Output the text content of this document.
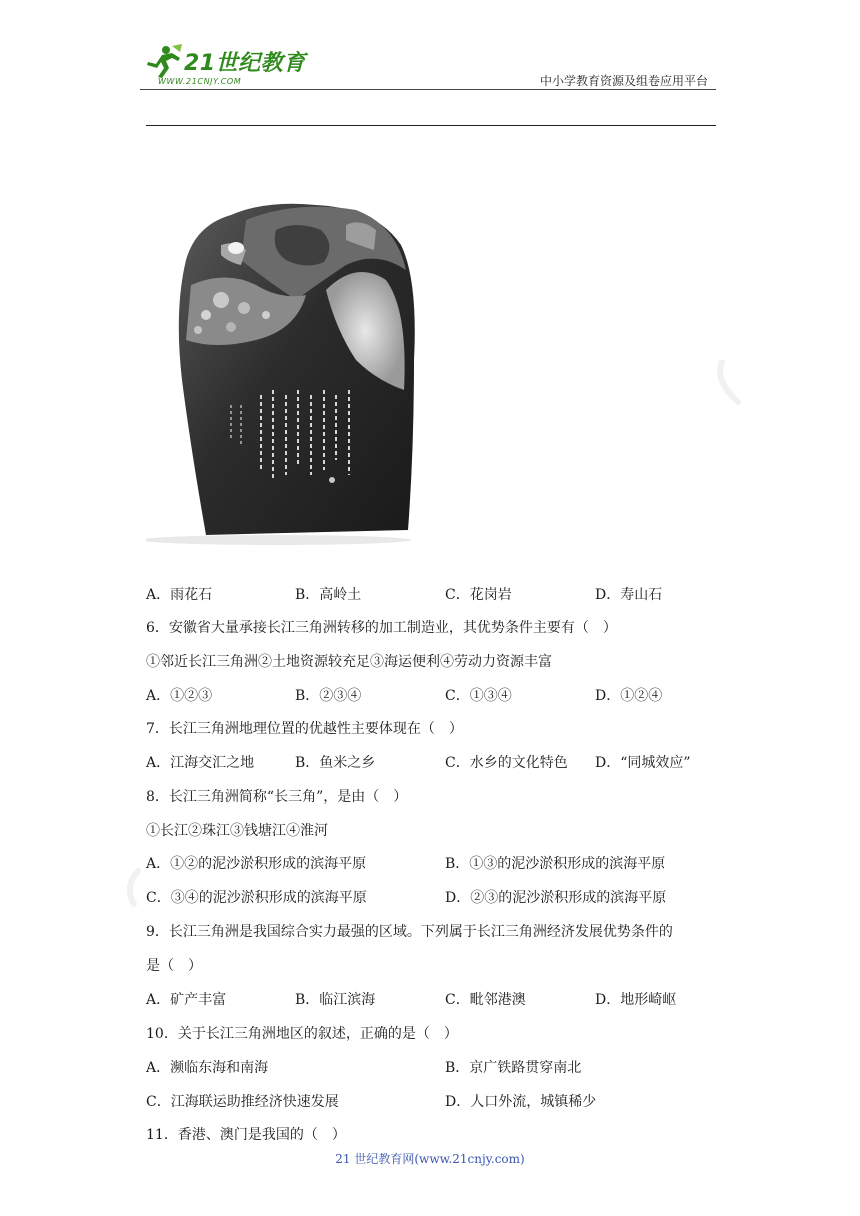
21世纪教育
WWW.21CNJY.COM	中小学教育资源及组卷应用平台
A．雨花石	B．高岭土	C．花岗岩	D．寿山石
6．安徽省大量承接长江三角洲转移的加工制造业，其优势条件主要有（　）
①邻近长江三角洲②土地资源较充足③海运便利④劳动力资源丰富
A．①②③	B．②③④	C．①③④	D．①②④
7．长江三角洲地理位置的优越性主要体现在（　）
A．江海交汇之地	B．鱼米之乡	C．水乡的文化特色 D．“同城效应”
8．长江三角洲简称“长三角”，是由（　）
①长江②珠江③钱塘江④淮河
A．①②的泥沙淤积形成的滨海平原	B．①③的泥沙淤积形成的滨海平原
C．③④的泥沙淤积形成的滨海平原	D．②③的泥沙淤积形成的滨海平原
9．长江三角洲是我国综合实力最强的区域。下列属于长江三角洲经济发展优势条件的
是（　）
A．矿产丰富	B．临江滨海	C．毗邻港澳	D．地形崎岖
10．关于长江三角洲地区的叙述，正确的是（　）
A．濒临东海和南海	B．京广铁路贯穿南北
C．江海联运助推经济快速发展	D．人口外流，城镇稀少
11．香港、澳门是我国的（　）
21 世纪教育网(www.21cnjy.com)
